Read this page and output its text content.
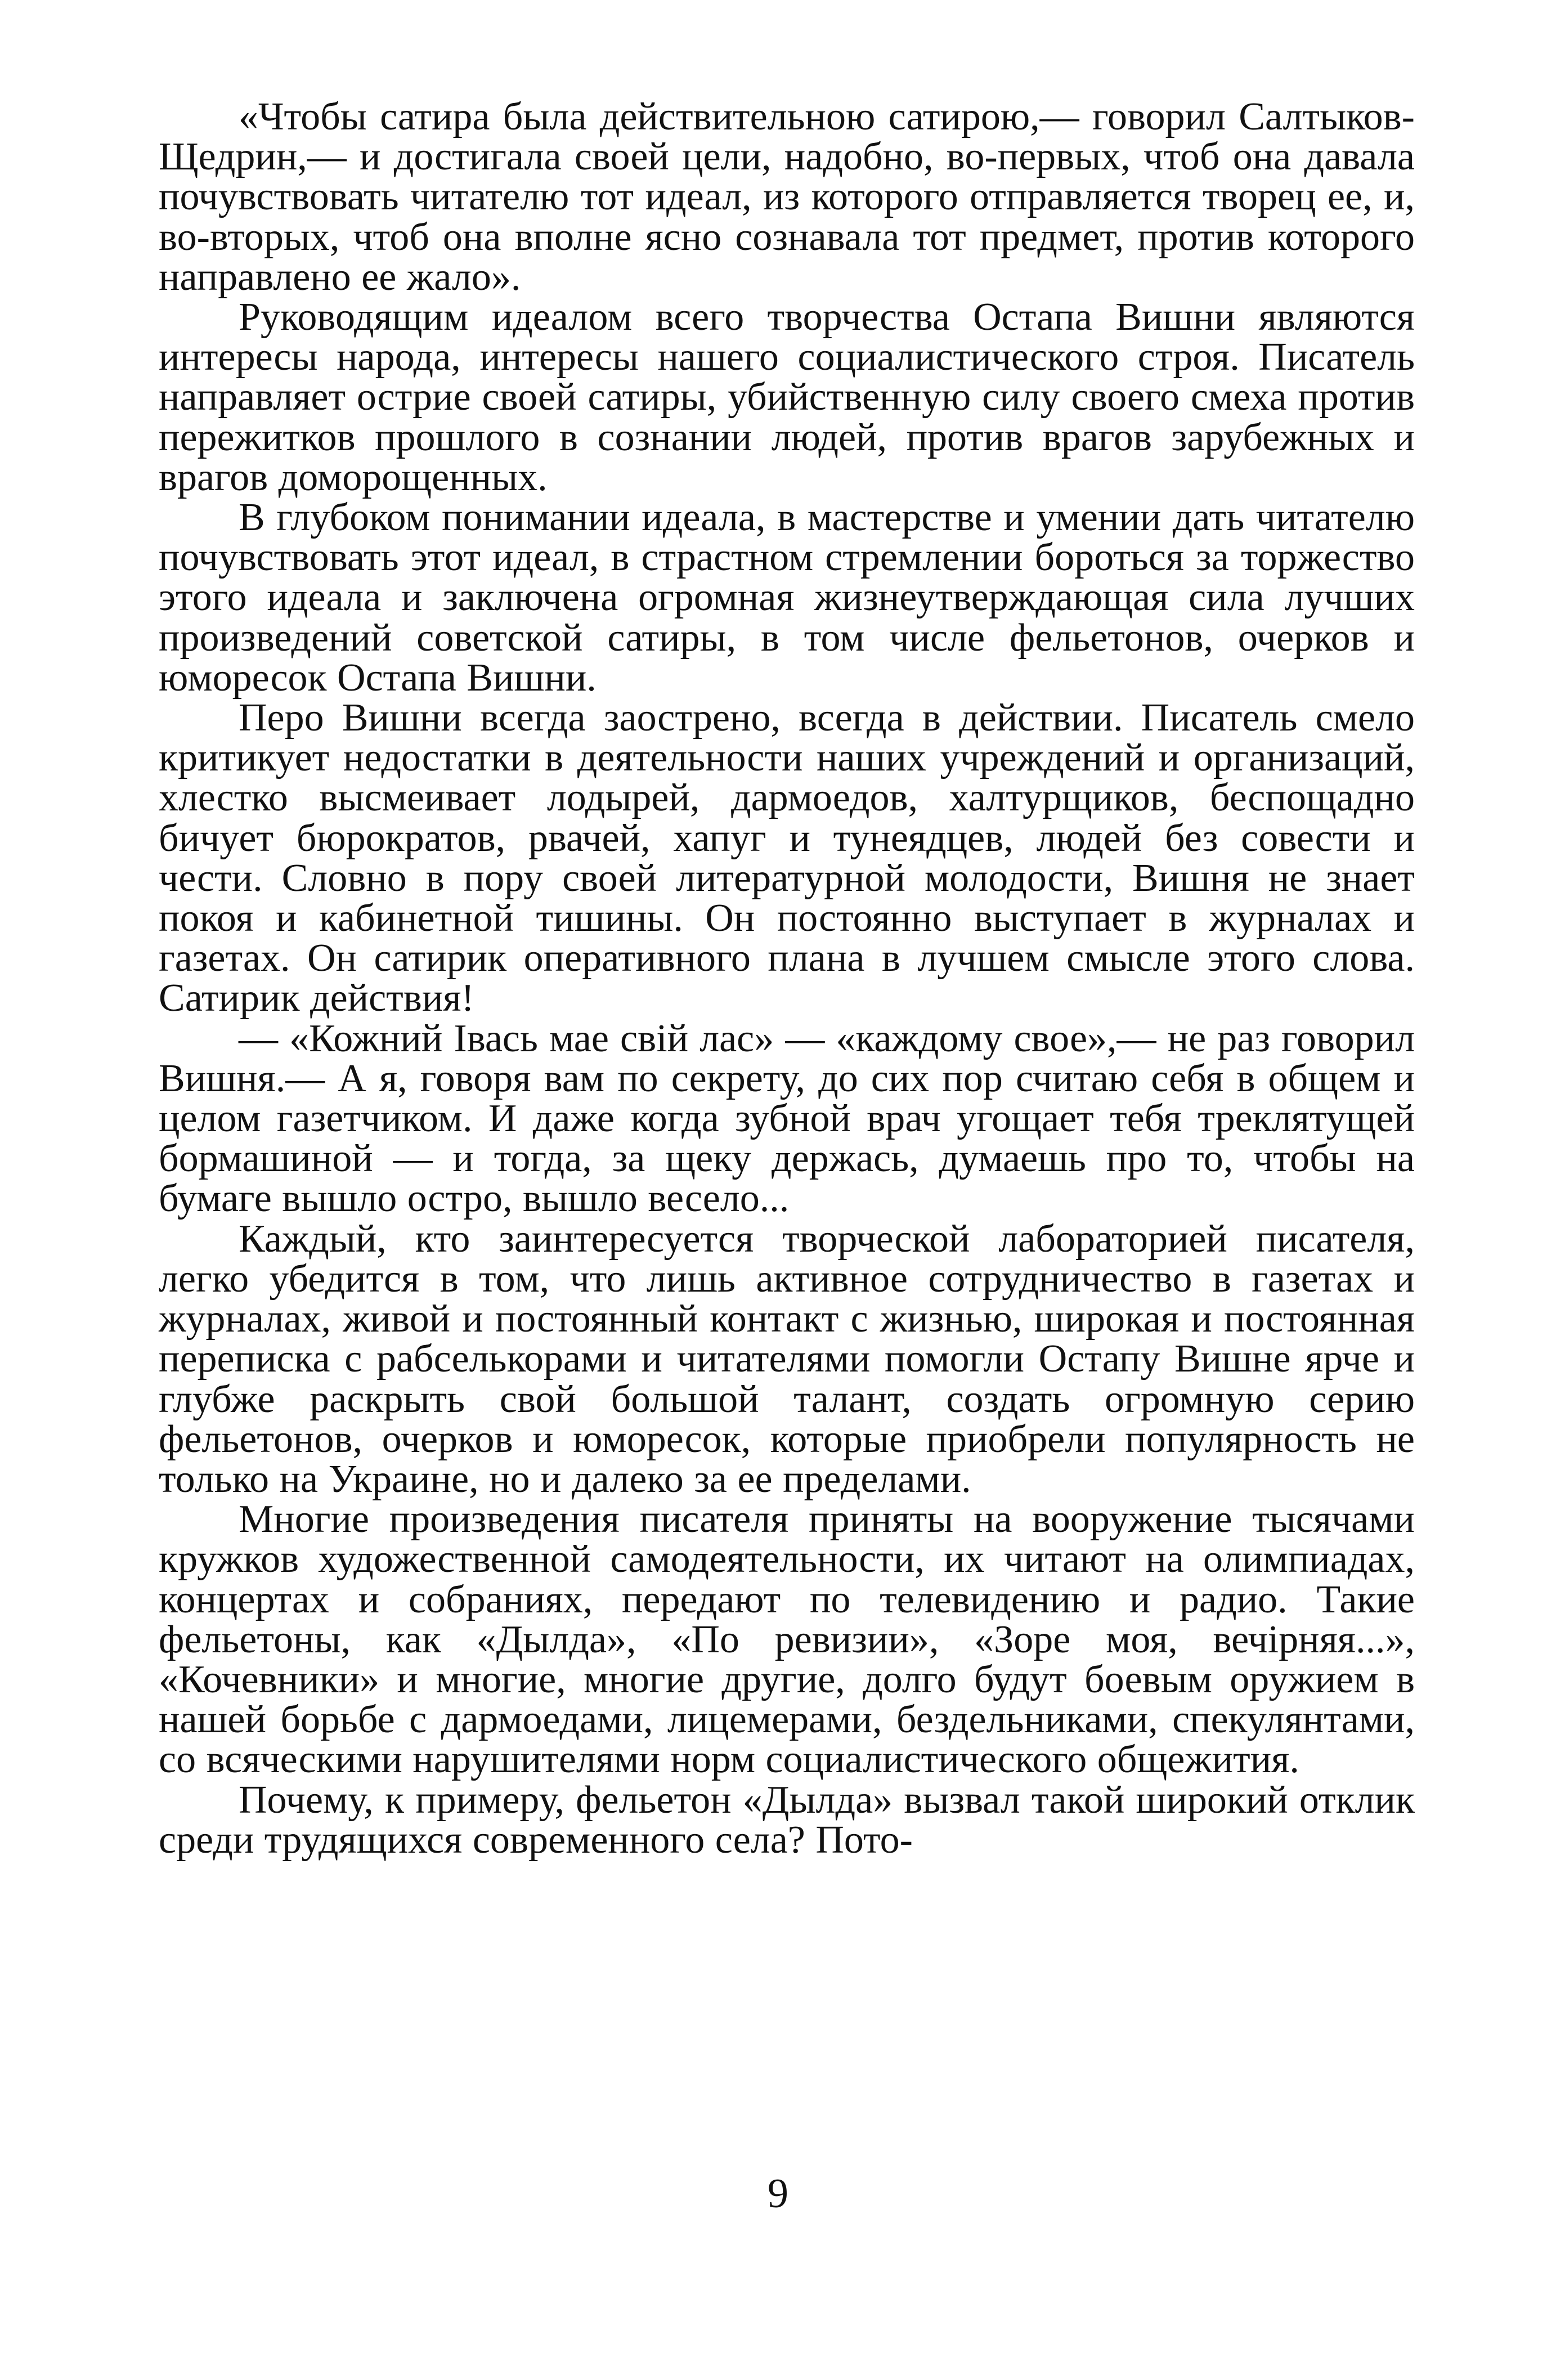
«Чтобы сатира была действительною сатирою,— говорил Салтыков-Щедрин,— и достигала своей цели, надобно, во-первых, чтоб она давала почувствовать читателю тот идеал, из которого отправляется творец ее, и, во-вторых, чтоб она вполне ясно сознавала тот предмет, против которого направлено ее жало».

Руководящим идеалом всего творчества Остапа Вишни являются интересы народа, интересы нашего социалистического строя. Писатель направляет острие своей сатиры, убийственную силу своего смеха против пережитков прошлого в сознании людей, против врагов зарубежных и врагов доморощенных.

В глубоком понимании идеала, в мастерстве и умении дать читателю почувствовать этот идеал, в страстном стремлении бороться за торжество этого идеала и заключена огромная жизнеутверждающая сила лучших произведений советской сатиры, в том числе фельетонов, очерков и юморесок Остапа Вишни.

Перо Вишни всегда заострено, всегда в действии. Писатель смело критикует недостатки в деятельности наших учреждений и организаций, хлестко высмеивает лодырей, дармоедов, халтурщиков, беспощадно бичует бюрократов, рвачей, хапуг и тунеядцев, людей без совести и чести. Словно в пору своей литературной молодости, Вишня не знает покоя и кабинетной тишины. Он постоянно выступает в журналах и газетах. Он сатирик оперативного плана в лучшем смысле этого слова. Сатирик действия!

— «Кожний Івась мае свій лас» — «каждому свое»,— не раз говорил Вишня.— А я, говоря вам по секрету, до сих пор считаю себя в общем и целом газетчиком. И даже когда зубной врач угощает тебя треклятущей бормашиной — и тогда, за щеку держась, думаешь про то, чтобы на бумаге вышло остро, вышло весело...

Каждый, кто заинтересуется творческой лабораторией писателя, легко убедится в том, что лишь активное сотрудничество в газетах и журналах, живой и постоянный контакт с жизнью, широкая и постоянная переписка с рабселькорами и читателями помогли Остапу Вишне ярче и глубже раскрыть свой большой талант, создать огромную серию фельетонов, очерков и юморесок, которые приобрели популярность не только на Украине, но и далеко за ее пределами.

Многие произведения писателя приняты на вооружение тысячами кружков художественной самодеятельности, их читают на олимпиадах, концертах и собраниях, передают по телевидению и радио. Такие фельетоны, как «Дылда», «По ревизии», «Зоре моя, вечірняя...», «Кочевники» и многие, многие другие, долго будут боевым оружием в нашей борьбе с дармоедами, лицемерами, бездельниками, спекулянтами, со всяческими нарушителями норм социалистического общежития.

Почему, к примеру, фельетон «Дылда» вызвал такой широкий отклик среди трудящихся современного села? Пото-

9
